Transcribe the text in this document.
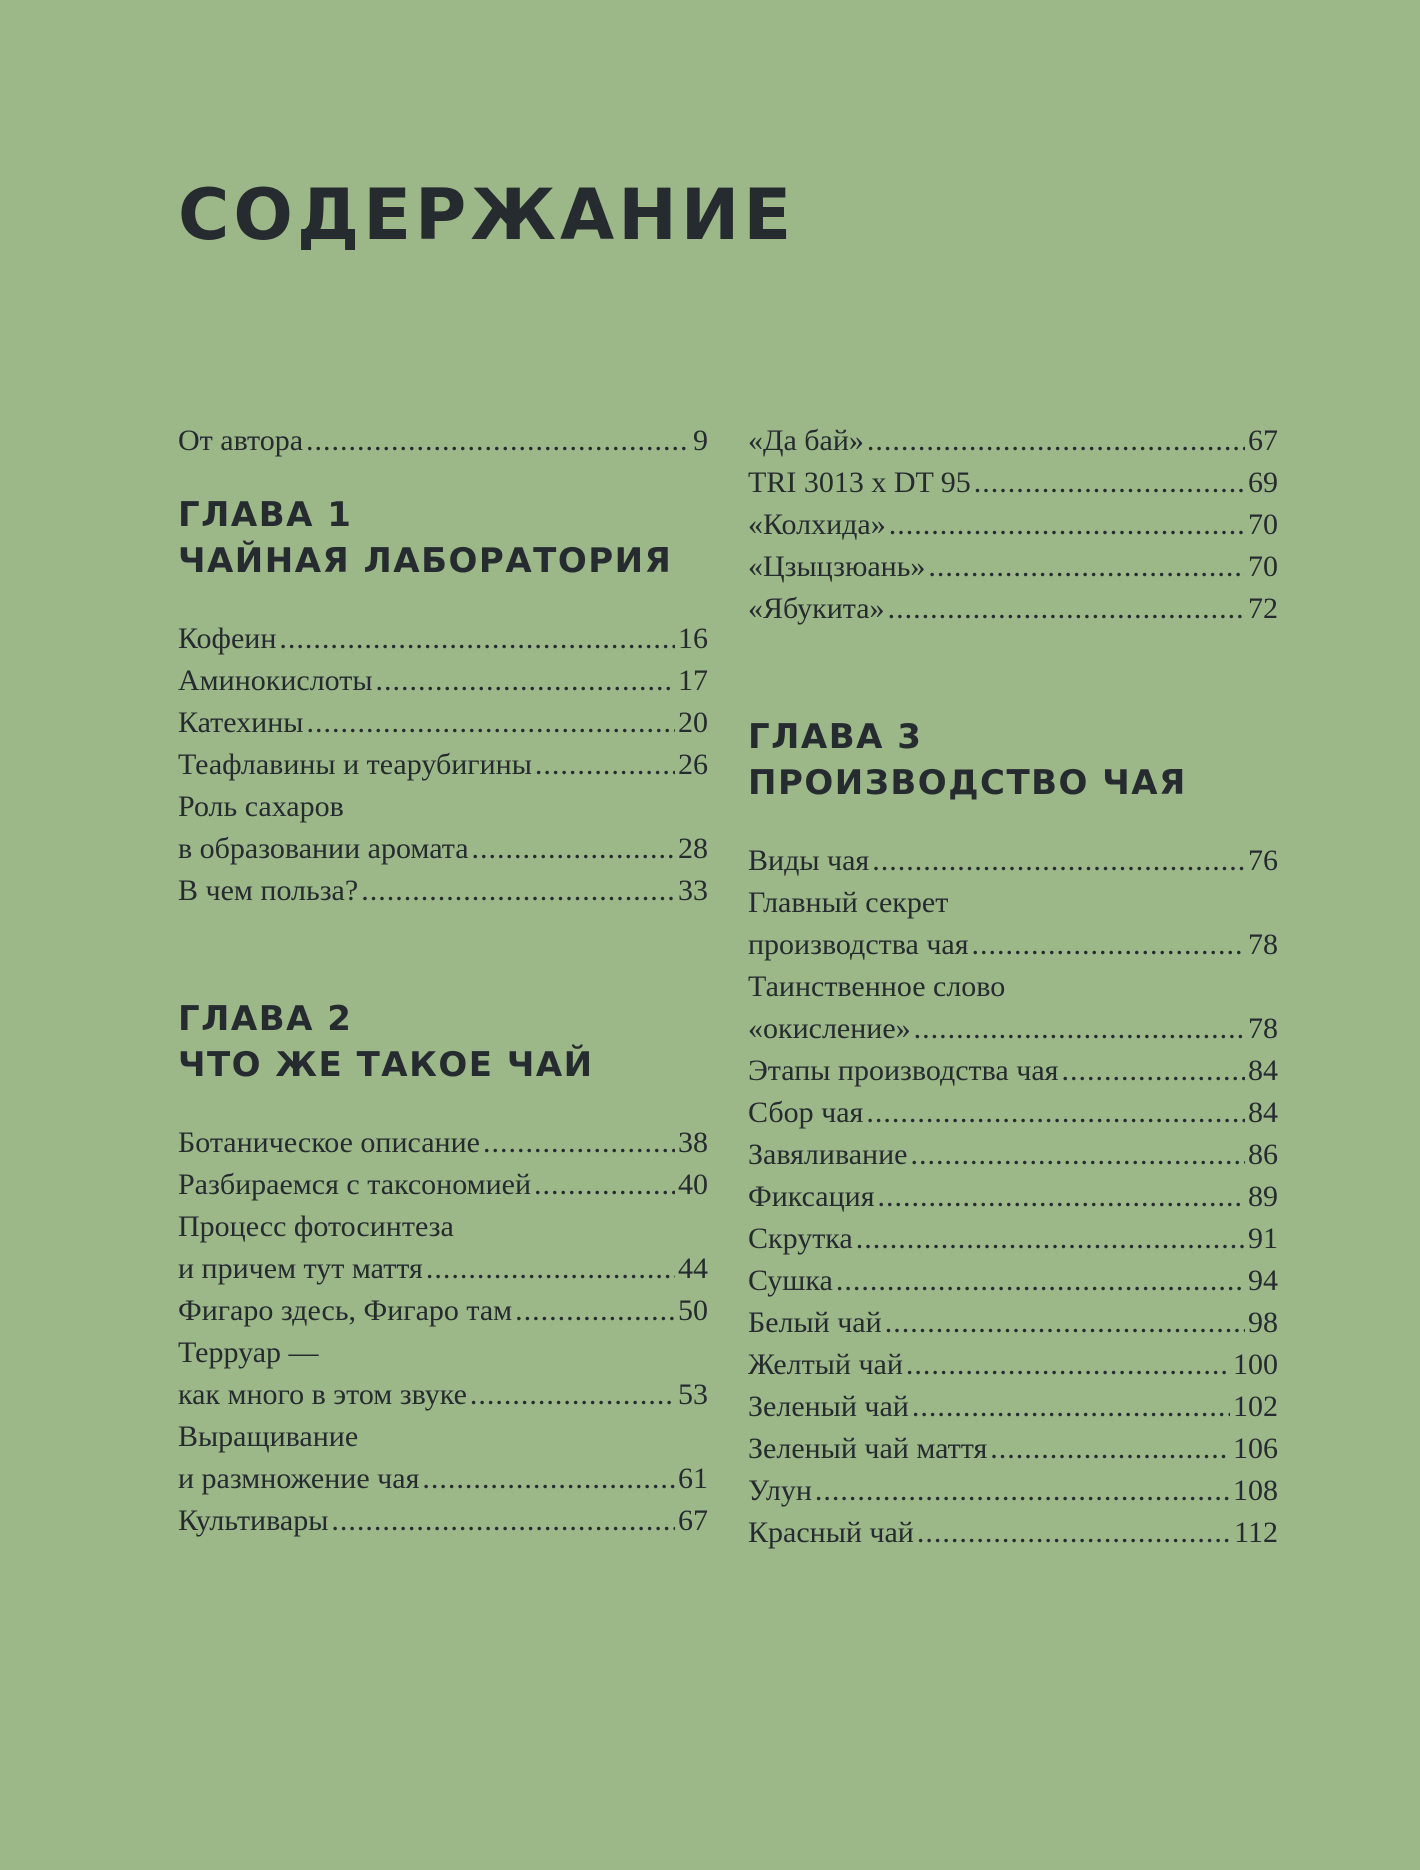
СОДЕРЖАНИЕ
От автора .....	9
ГЛАВА 1
ЧАЙНАЯ ЛАБОРАТОРИЯ
Кофеин .....	16
Аминокислоты .....	17
Катехины .....	20
Теафлавины и теарубигины .....	26
Роль сахаров
в образовании аромата .....	28
В чем польза? .....	33
ГЛАВА 2
ЧТО ЖЕ ТАКОЕ ЧАЙ
Ботаническое описание .....	38
Разбираемся с таксономией .....	40
Процесс фотосинтеза
и причем тут маття .....	44
Фигаро здесь, Фигаро там .....	50
Терруар —
как много в этом звуке .....	53
Выращивание
и размножение чая .....	61
Культивары .....	67
«Да бай» .....	67
TRI 3013 x DT 95 .....	69
«Колхида» .....	70
«Цзыцзюань» .....	70
«Ябукита» .....	72
ГЛАВА 3
ПРОИЗВОДСТВО ЧАЯ
Виды чая .....	76
Главный секрет
производства чая .....	78
Таинственное слово
«окисление» .....	78
Этапы производства чая .....	84
Сбор чая .....	84
Завяливание .....	86
Фиксация .....	89
Скрутка .....	91
Сушка .....	94
Белый чай .....	98
Желтый чай .....	100
Зеленый чай .....	102
Зеленый чай маття .....	106
Улун .....	108
Красный чай .....	112
